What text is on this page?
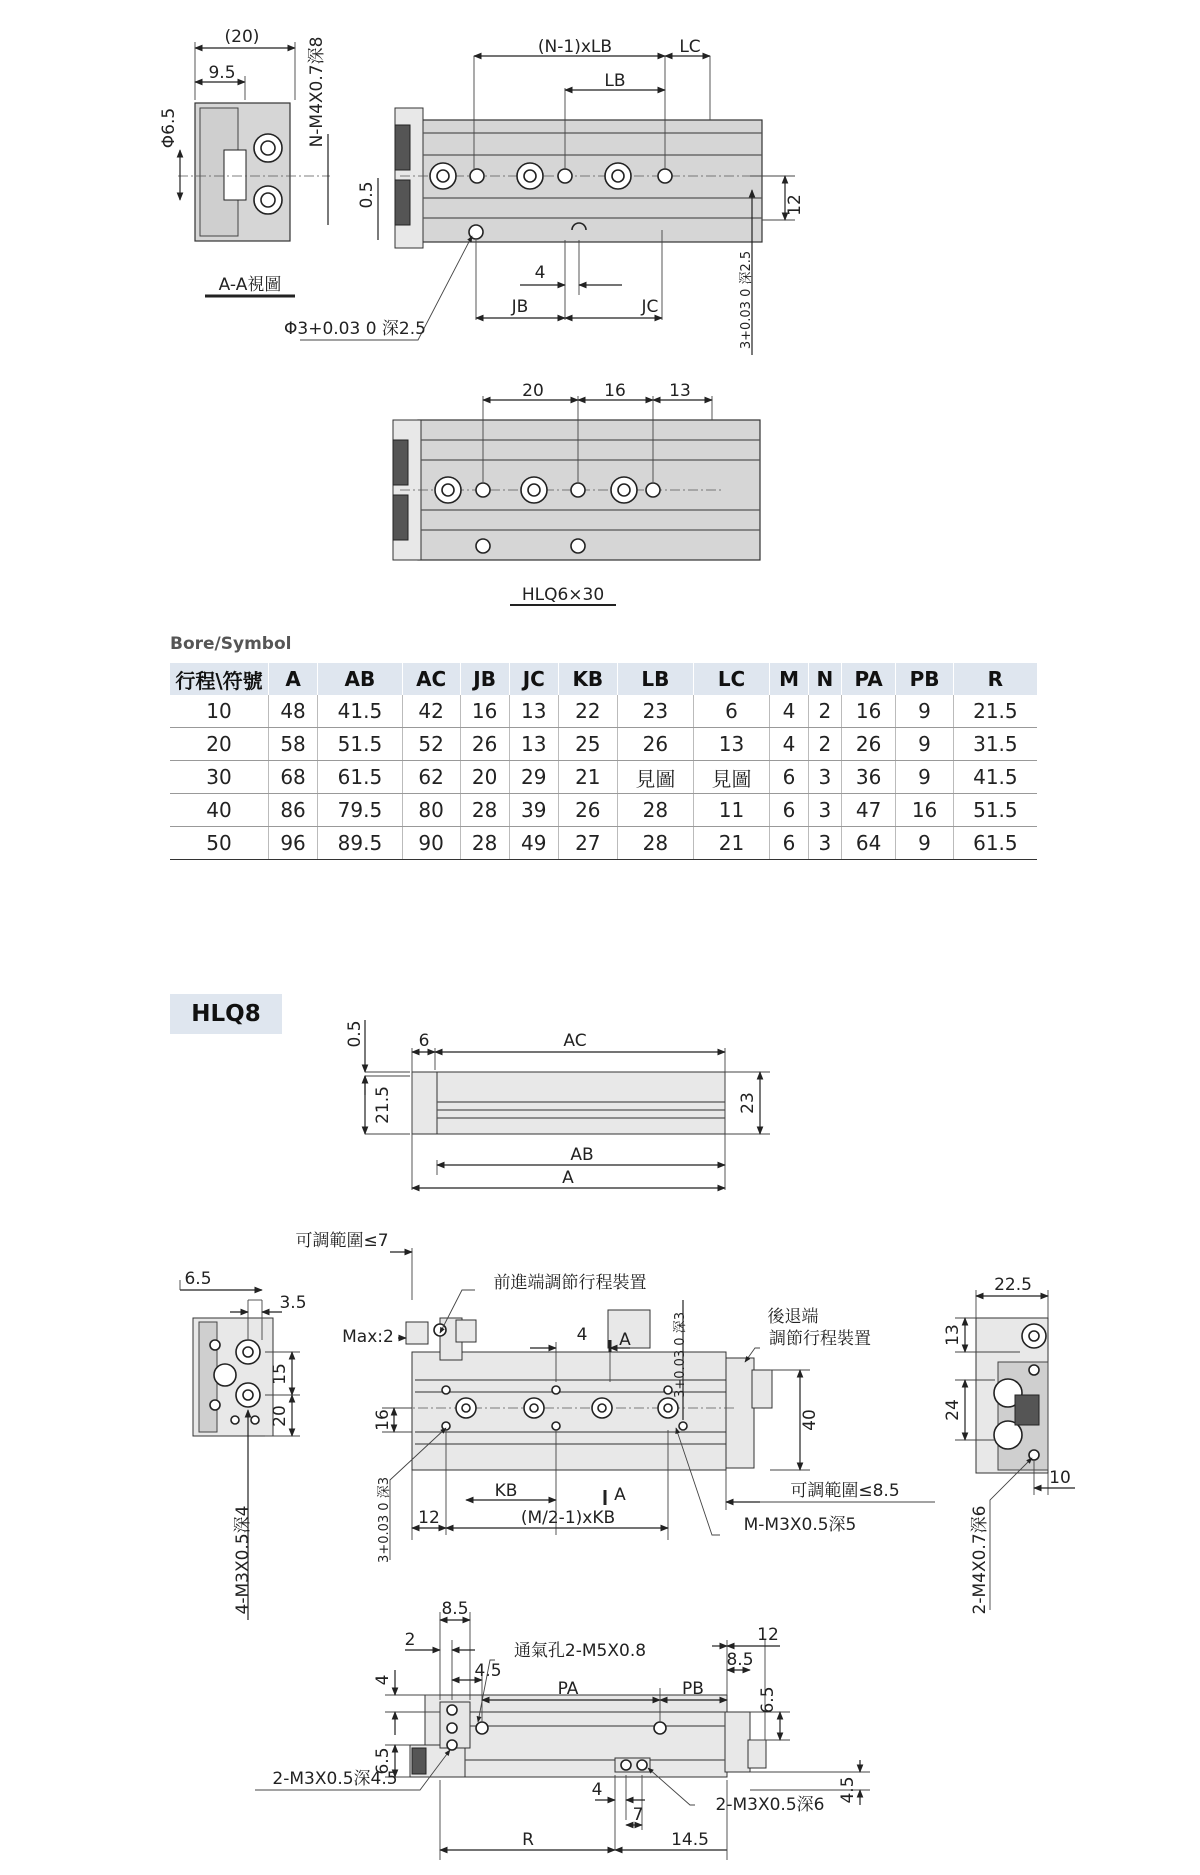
(20)
9.5
Φ6.5	N-M4X0.7深8
A-A視圖
(N-1)xLB	LC
LB
0.5	12
4
JB	JC
Φ3+0.03 0 深2.5	3+0.03 0 深2.5
20	16	13
HLQ6×30
0.5
21.5
6	AC
23
AB
A
6.5
3.5
15
20
4-M3X0.5深4
可調範圍≤7
前進端調節行程裝置
後退端
調節行程裝置
Max:2	4 A
A
3+0.03 0 深3
16
3+0.03 0 深3
40
KB
12	(M/2-1)xKB
可調範圍≤8.5
M-M3X0.5深5
22.5
13
24
10
2-M4X0.7深6
8.5
2
4.5
4
6.5
通氣孔2-M5X0.8
12
8.5
PA	PB	6.5
2-M3X0.5深4.5
4
7	2-M3X0.5深6
4.5
R	14.5
Bore/Symbol
行程\符號	A	AB	AC	JB	JC	KB	LB	LC	M	N	PA	PB	R
10	48	41.5	42	16	13	22	23	6	4	2	16	9	21.5
20	58	51.5	52	26	13	25	26	13	4	2	26	9	31.5
30	68	61.5	62	20	29	21	見圖	見圖	6	3	36	9	41.5
40	86	79.5	80	28	39	26	28	11	6	3	47	16	51.5
50	96	89.5	90	28	49	27	28	21	6	3	64	9	61.5
HLQ8
